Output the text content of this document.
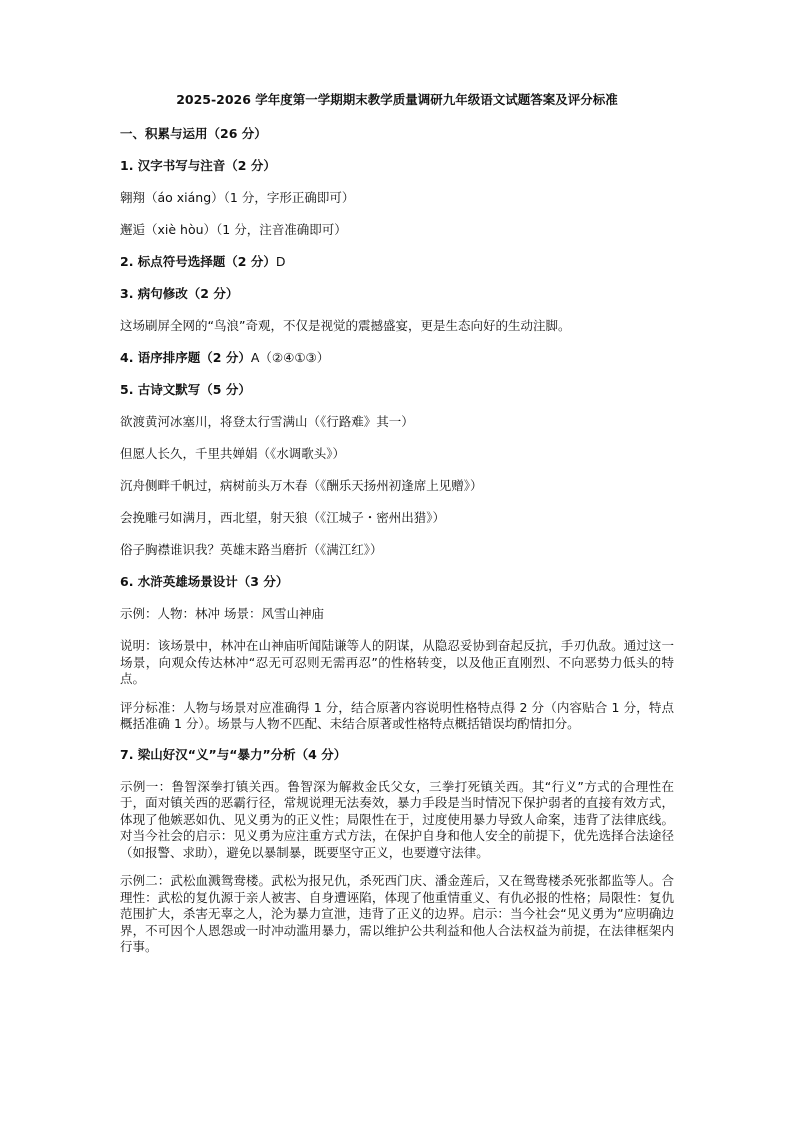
2025-2026 学年度第一学期期末教学质量调研九年级语文试题答案及评分标准
一、积累与运用（26 分）
1. 汉字书写与注音（2 分）
翱翔（áo xiáng）（1 分，字形正确即可）
邂逅（xiè hòu）（1 分，注音准确即可）
2. 标点符号选择题（2 分）D
3. 病句修改（2 分）
这场刷屏全网的“鸟浪”奇观，不仅是视觉的震撼盛宴，更是生态向好的生动注脚。
4. 语序排序题（2 分）A（②④①③）
5. 古诗文默写（5 分）
欲渡黄河冰塞川，将登太行雪满山（《行路难》其一）
但愿人长久，千里共婵娟（《水调歌头》）
沉舟侧畔千帆过，病树前头万木春（《酬乐天扬州初逢席上见赠》）
会挽雕弓如满月，西北望，射天狼（《江城子・密州出猎》）
俗子胸襟谁识我？英雄末路当磨折（《满江红》）
6. 水浒英雄场景设计（3 分）
示例：人物：林冲 场景：风雪山神庙
说明：该场景中，林冲在山神庙听闻陆谦等人的阴谋，从隐忍妥协到奋起反抗，手刃仇敌。通过这一场景，向观众传达林冲“忍无可忍则无需再忍”的性格转变，以及他正直刚烈、不向恶势力低头的特点。
评分标准：人物与场景对应准确得 1 分，结合原著内容说明性格特点得 2 分（内容贴合 1 分，特点概括准确 1 分）。场景与人物不匹配、未结合原著或性格特点概括错误均酌情扣分。
7. 梁山好汉“义”与“暴力”分析（4 分）
示例一：鲁智深拳打镇关西。鲁智深为解救金氏父女，三拳打死镇关西。其“行义”方式的合理性在于，面对镇关西的恶霸行径，常规说理无法奏效，暴力手段是当时情况下保护弱者的直接有效方式，体现了他嫉恶如仇、见义勇为的正义性；局限性在于，过度使用暴力导致人命案，违背了法律底线。对当今社会的启示：见义勇为应注重方式方法，在保护自身和他人安全的前提下，优先选择合法途径（如报警、求助），避免以暴制暴，既要坚守正义，也要遵守法律。
示例二：武松血溅鸳鸯楼。武松为报兄仇，杀死西门庆、潘金莲后，又在鸳鸯楼杀死张都监等人。合理性：武松的复仇源于亲人被害、自身遭诬陷，体现了他重情重义、有仇必报的性格；局限性：复仇范围扩大，杀害无辜之人，沦为暴力宣泄，违背了正义的边界。启示：当今社会“见义勇为”应明确边界，不可因个人恩怨或一时冲动滥用暴力，需以维护公共利益和他人合法权益为前提，在法律框架内行事。
